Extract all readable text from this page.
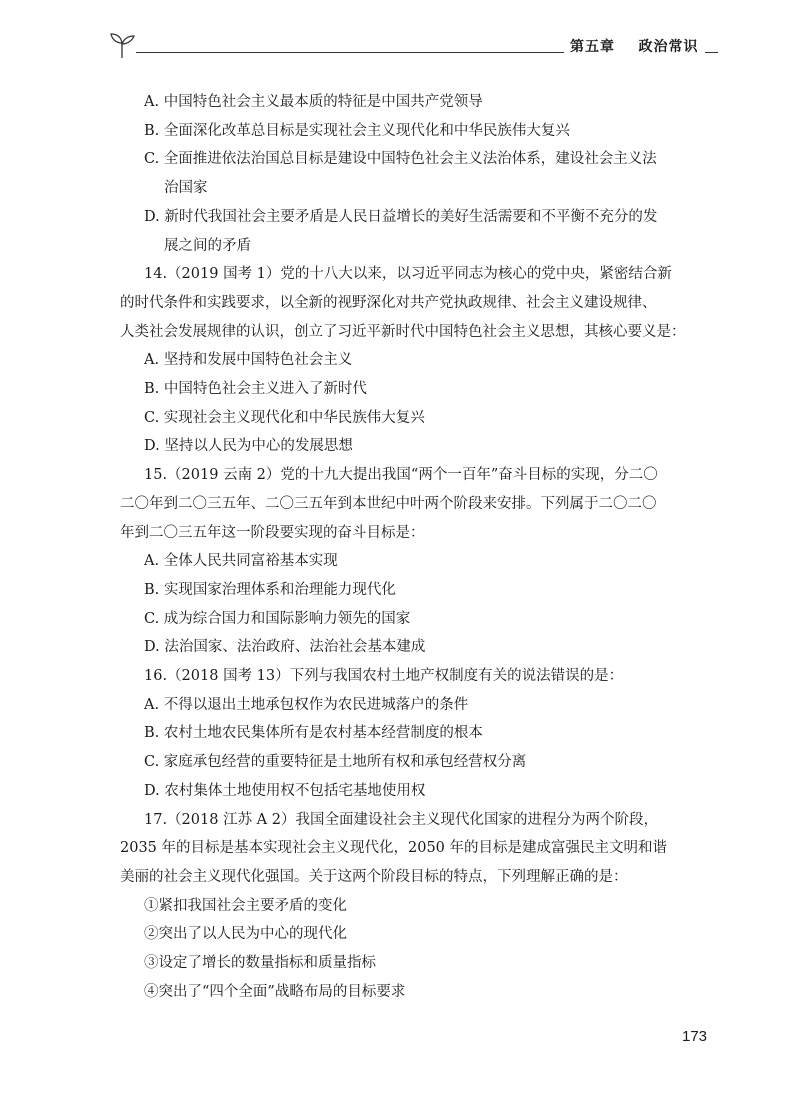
第五章 政治常识
A. 中国特色社会主义最本质的特征是中国共产党领导
B. 全面深化改革总目标是实现社会主义现代化和中华民族伟大复兴
C. 全面推进依法治国总目标是建设中国特色社会主义法治体系，建设社会主义法
治国家
D. 新时代我国社会主要矛盾是人民日益增长的美好生活需要和不平衡不充分的发
展之间的矛盾
14.（2019 国考 1）党的十八大以来，以习近平同志为核心的党中央，紧密结合新
的时代条件和实践要求，以全新的视野深化对共产党执政规律、社会主义建设规律、
人类社会发展规律的认识，创立了习近平新时代中国特色社会主义思想，其核心要义是：
A. 坚持和发展中国特色社会主义
B. 中国特色社会主义进入了新时代
C. 实现社会主义现代化和中华民族伟大复兴
D. 坚持以人民为中心的发展思想
15.（2019 云南 2）党的十九大提出我国“两个一百年”奋斗目标的实现，分二〇
二〇年到二〇三五年、二〇三五年到本世纪中叶两个阶段来安排。下列属于二〇二〇
年到二〇三五年这一阶段要实现的奋斗目标是：
A. 全体人民共同富裕基本实现
B. 实现国家治理体系和治理能力现代化
C. 成为综合国力和国际影响力领先的国家
D. 法治国家、法治政府、法治社会基本建成
16.（2018 国考 13）下列与我国农村土地产权制度有关的说法错误的是：
A. 不得以退出土地承包权作为农民进城落户的条件
B. 农村土地农民集体所有是农村基本经营制度的根本
C. 家庭承包经营的重要特征是土地所有权和承包经营权分离
D. 农村集体土地使用权不包括宅基地使用权
17.（2018 江苏 A 2）我国全面建设社会主义现代化国家的进程分为两个阶段，
2035 年的目标是基本实现社会主义现代化，2050 年的目标是建成富强民主文明和谐
美丽的社会主义现代化强国。关于这两个阶段目标的特点，下列理解正确的是：
①紧扣我国社会主要矛盾的变化
②突出了以人民为中心的现代化
③设定了增长的数量指标和质量指标
④突出了“四个全面”战略布局的目标要求
173
